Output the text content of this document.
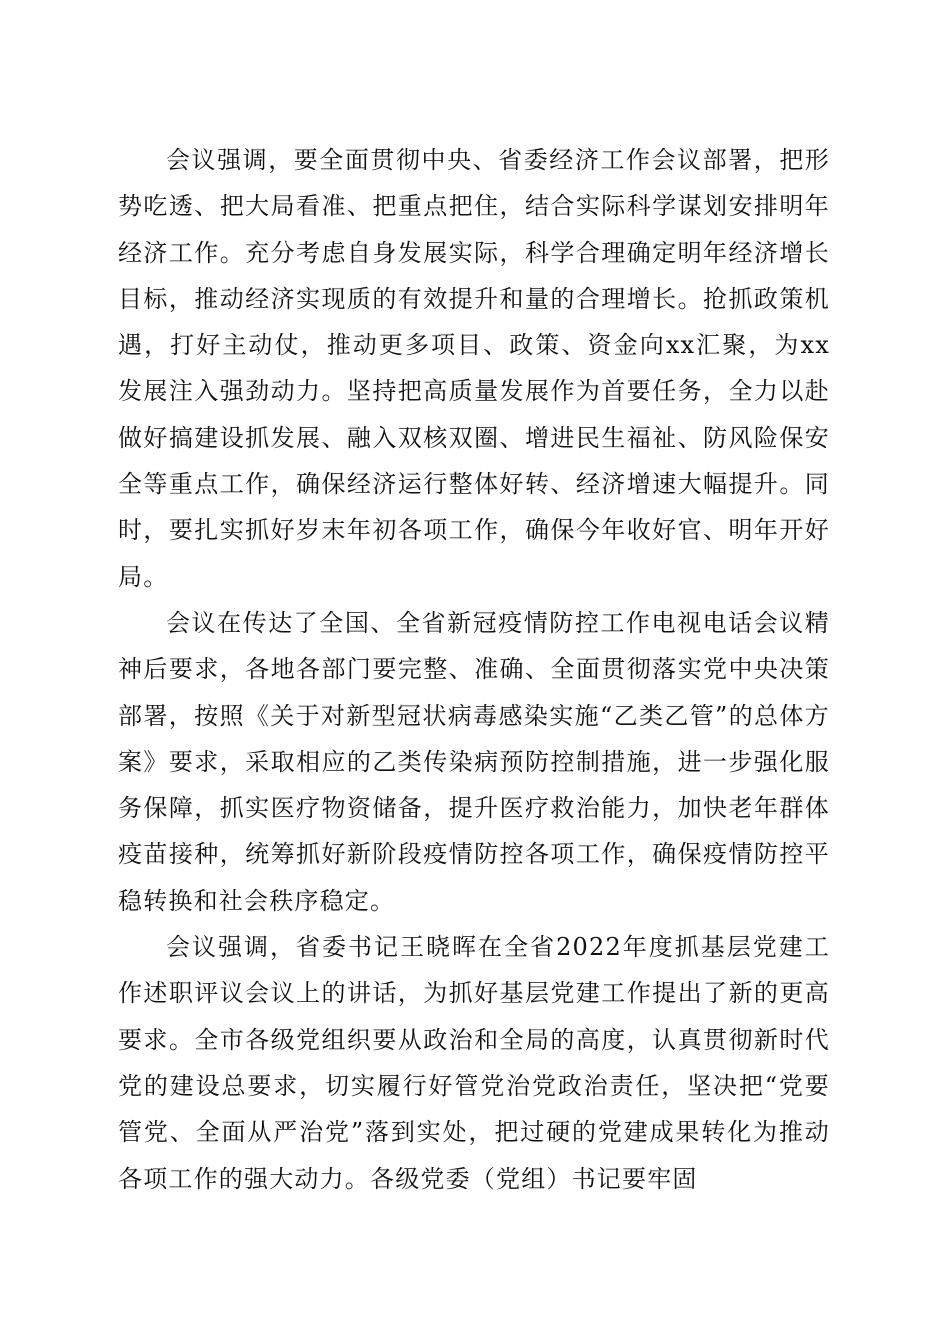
会议强调，要全面贯彻中央、省委经济工作会议部署，把形势吃透、把大局看准、把重点把住，结合实际科学谋划安排明年经济工作。充分考虑自身发展实际，科学合理确定明年经济增长目标，推动经济实现质的有效提升和量的合理增长。抢抓政策机遇，打好主动仗，推动更多项目、政策、资金向xx汇聚，为xx发展注入强劲动力。坚持把高质量发展作为首要任务，全力以赴做好搞建设抓发展、融入双核双圈、增进民生福祉、防风险保安全等重点工作，确保经济运行整体好转、经济增速大幅提升。同时，要扎实抓好岁末年初各项工作，确保今年收好官、明年开好局。

会议在传达了全国、全省新冠疫情防控工作电视电话会议精神后要求，各地各部门要完整、准确、全面贯彻落实党中央决策部署，按照《关于对新型冠状病毒感染实施“乙类乙管”的总体方案》要求，采取相应的乙类传染病预防控制措施，进一步强化服务保障，抓实医疗物资储备，提升医疗救治能力，加快老年群体疫苗接种，统筹抓好新阶段疫情防控各项工作，确保疫情防控平稳转换和社会秩序稳定。

会议强调，省委书记王晓晖在全省2022年度抓基层党建工作述职评议会议上的讲话，为抓好基层党建工作提出了新的更高要求。全市各级党组织要从政治和全局的高度，认真贯彻新时代党的建设总要求，切实履行好管党治党政治责任，坚决把“党要管党、全面从严治党”落到实处，把过硬的党建成果转化为推动各项工作的强大动力。各级党委（党组）书记要牢固
